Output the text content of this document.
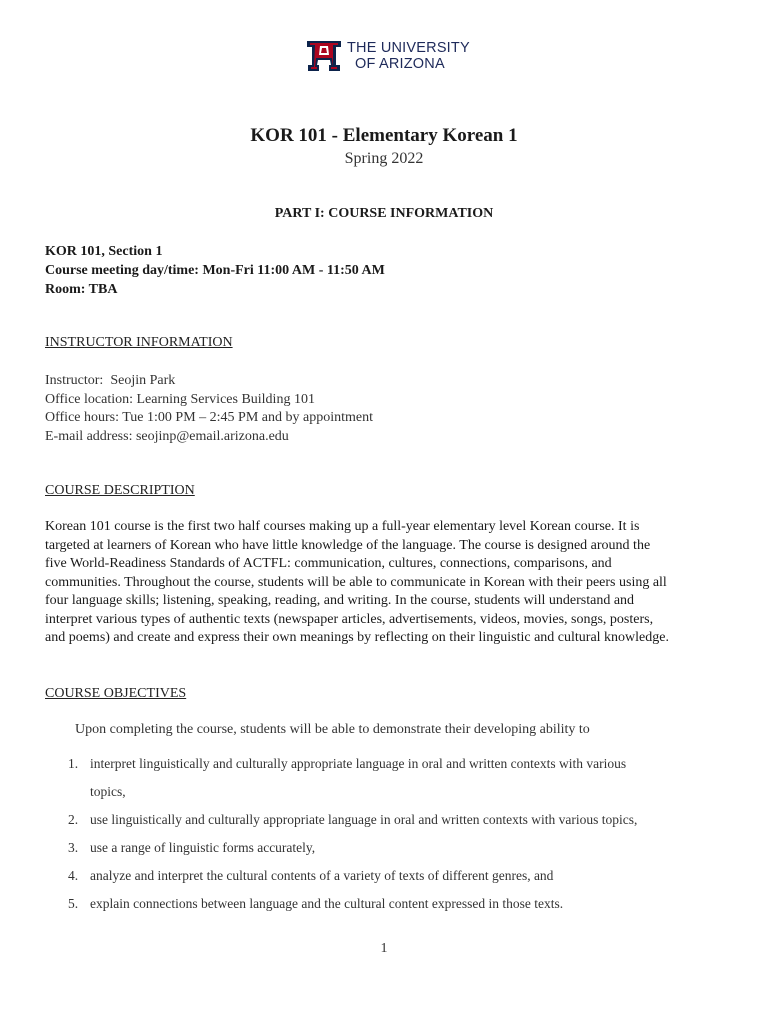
THE UNIVERSITY
OF ARIZONA
KOR 101 - Elementary Korean 1
Spring 2022
PART I: COURSE INFORMATION
KOR 101, Section 1
Course meeting day/time: Mon-Fri 11:00 AM - 11:50 AM
Room: TBA
INSTRUCTOR INFORMATION
Instructor:  Seojin Park
Office location: Learning Services Building 101
Office hours: Tue 1:00 PM – 2:45 PM and by appointment
E-mail address: seojinp@email.arizona.edu
COURSE DESCRIPTION
Korean 101 course is the first two half courses making up a full-year elementary level Korean course. It is
targeted at learners of Korean who have little knowledge of the language. The course is designed around the
five World-Readiness Standards of ACTFL: communication, cultures, connections, comparisons, and
communities. Throughout the course, students will be able to communicate in Korean with their peers using all
four language skills; listening, speaking, reading, and writing. In the course, students will understand and
interpret various types of authentic texts (newspaper articles, advertisements, videos, movies, songs, posters,
and poems) and create and express their own meanings by reflecting on their linguistic and cultural knowledge.
COURSE OBJECTIVES
Upon completing the course, students will be able to demonstrate their developing ability to
1. interpret linguistically and culturally appropriate language in oral and written contexts with various
topics,
2. use linguistically and culturally appropriate language in oral and written contexts with various topics,
3. use a range of linguistic forms accurately,
4. analyze and interpret the cultural contents of a variety of texts of different genres, and
5. explain connections between language and the cultural content expressed in those texts.
1
